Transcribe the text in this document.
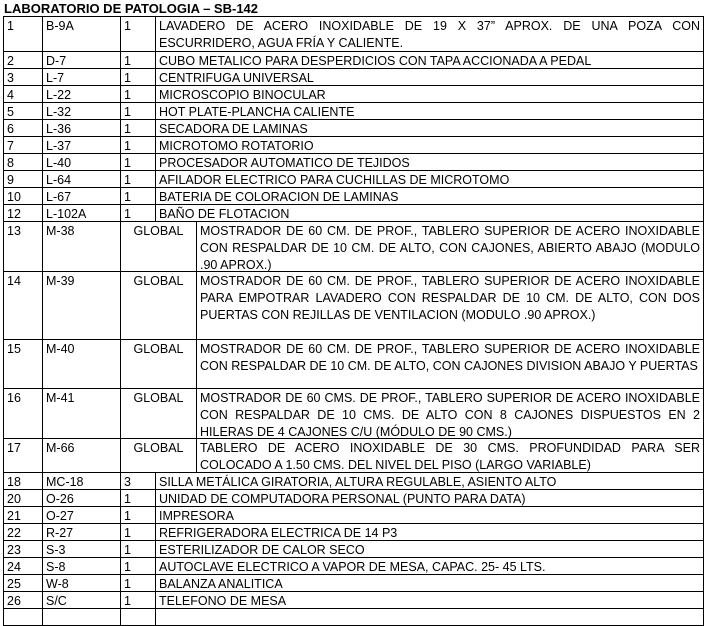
LABORATORIO DE PATOLOGIA – SB-142
1	B-9A	1	LAVADERO DE ACERO INOXIDABLE DE 19 X 37” APROX. DE UNA POZA CON ESCURRIDERO, AGUA FRÍA Y CALIENTE.
2	D-7	1	CUBO METALICO PARA DESPERDICIOS CON TAPA ACCIONADA A PEDAL
3	L-7	1	CENTRIFUGA UNIVERSAL
4	L-22	1	MICROSCOPIO BINOCULAR
5	L-32	1	HOT PLATE-PLANCHA CALIENTE
6	L-36	1	SECADORA DE LAMINAS
7	L-37	1	MICROTOMO ROTATORIO
8	L-40	1	PROCESADOR AUTOMATICO DE TEJIDOS
9	L-64	1	AFILADOR ELECTRICO PARA CUCHILLAS DE MICROTOMO
10	L-67	1	BATERIA DE COLORACION DE LAMINAS
12	L-102A	1	BAÑO DE FLOTACION
13	M-38	GLOBAL	MOSTRADOR DE 60 CM. DE PROF., TABLERO SUPERIOR DE ACERO INOXIDABLE CON RESPALDAR DE 10 CM. DE ALTO, CON CAJONES, ABIERTO ABAJO (MODULO .90 APROX.)
14	M-39	GLOBAL	MOSTRADOR DE 60 CM. DE PROF., TABLERO SUPERIOR DE ACERO INOXIDABLE PARA EMPOTRAR LAVADERO CON RESPALDAR DE 10 CM. DE ALTO, CON DOS PUERTAS CON REJILLAS DE VENTILACION (MODULO .90 APROX.)
15	M-40	GLOBAL	MOSTRADOR DE 60 CM. DE PROF., TABLERO SUPERIOR DE ACERO INOXIDABLE CON RESPALDAR DE 10 CM. DE ALTO, CON CAJONES DIVISION ABAJO Y PUERTAS
16	M-41	GLOBAL	MOSTRADOR DE 60 CMS. DE PROF., TABLERO SUPERIOR DE ACERO INOXIDABLE CON RESPALDAR DE 10 CMS. DE ALTO CON 8 CAJONES DISPUESTOS EN 2 HILERAS DE 4 CAJONES C/U (MÓDULO DE 90 CMS.)
17	M-66	GLOBAL	TABLERO DE ACERO INOXIDABLE DE 30 CMS. PROFUNDIDAD PARA SER COLOCADO A 1.50 CMS. DEL NIVEL DEL PISO (LARGO VARIABLE)
18	MC-18	3	SILLA METÁLICA GIRATORIA, ALTURA REGULABLE, ASIENTO ALTO
20	O-26	1	UNIDAD DE COMPUTADORA PERSONAL (PUNTO PARA DATA)
21	O-27	1	IMPRESORA
22	R-27	1	REFRIGERADORA ELECTRICA DE 14 P3
23	S-3	1	ESTERILIZADOR DE CALOR SECO
24	S-8	1	AUTOCLAVE ELECTRICO A VAPOR DE MESA, CAPAC. 25- 45 LTS.
25	W-8	1	BALANZA ANALITICA
26	S/C	1	TELEFONO DE MESA
